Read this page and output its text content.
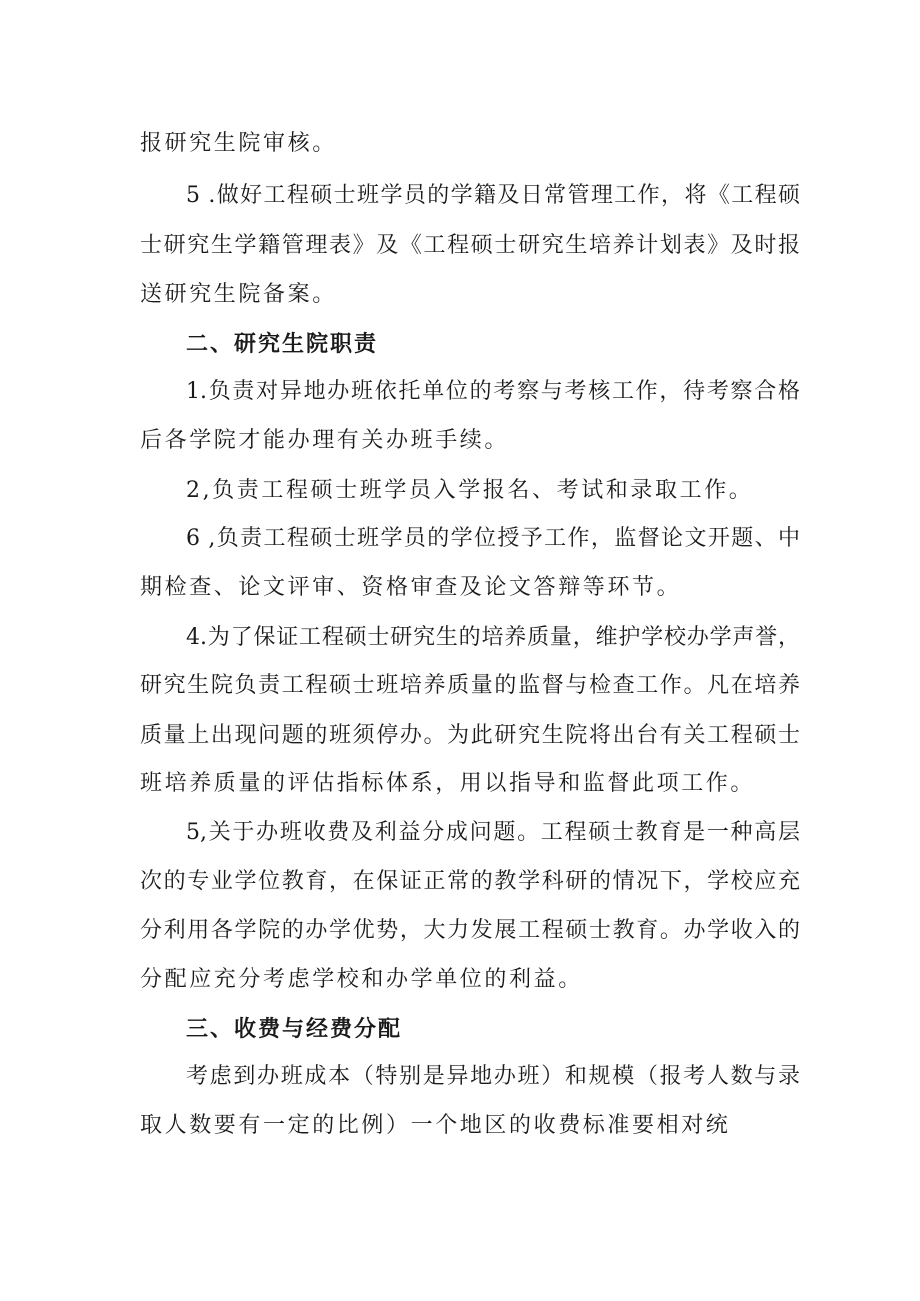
报研究生院审核。
5 .做好工程硕士班学员的学籍及日常管理工作，将《工程硕
士研究生学籍管理表》及《工程硕士研究生培养计划表》及时报
送研究生院备案。
二、研究生院职责
1.负责对异地办班依托单位的考察与考核工作，待考察合格
后各学院才能办理有关办班手续。
2,负责工程硕士班学员入学报名、考试和录取工作。
6 ,负责工程硕士班学员的学位授予工作，监督论文开题、中
期检查、论文评审、资格审查及论文答辩等环节。
4.为了保证工程硕士研究生的培养质量，维护学校办学声誉，
研究生院负责工程硕士班培养质量的监督与检查工作。凡在培养
质量上出现问题的班须停办。为此研究生院将出台有关工程硕士
班培养质量的评估指标体系，用以指导和监督此项工作。
5,关于办班收费及利益分成问题。工程硕士教育是一种高层
次的专业学位教育，在保证正常的教学科研的情况下，学校应充
分利用各学院的办学优势，大力发展工程硕士教育。办学收入的
分配应充分考虑学校和办学单位的利益。
三、收费与经费分配
考虑到办班成本（特别是异地办班）和规模（报考人数与录
取人数要有一定的比例）一个地区的收费标准要相对统
